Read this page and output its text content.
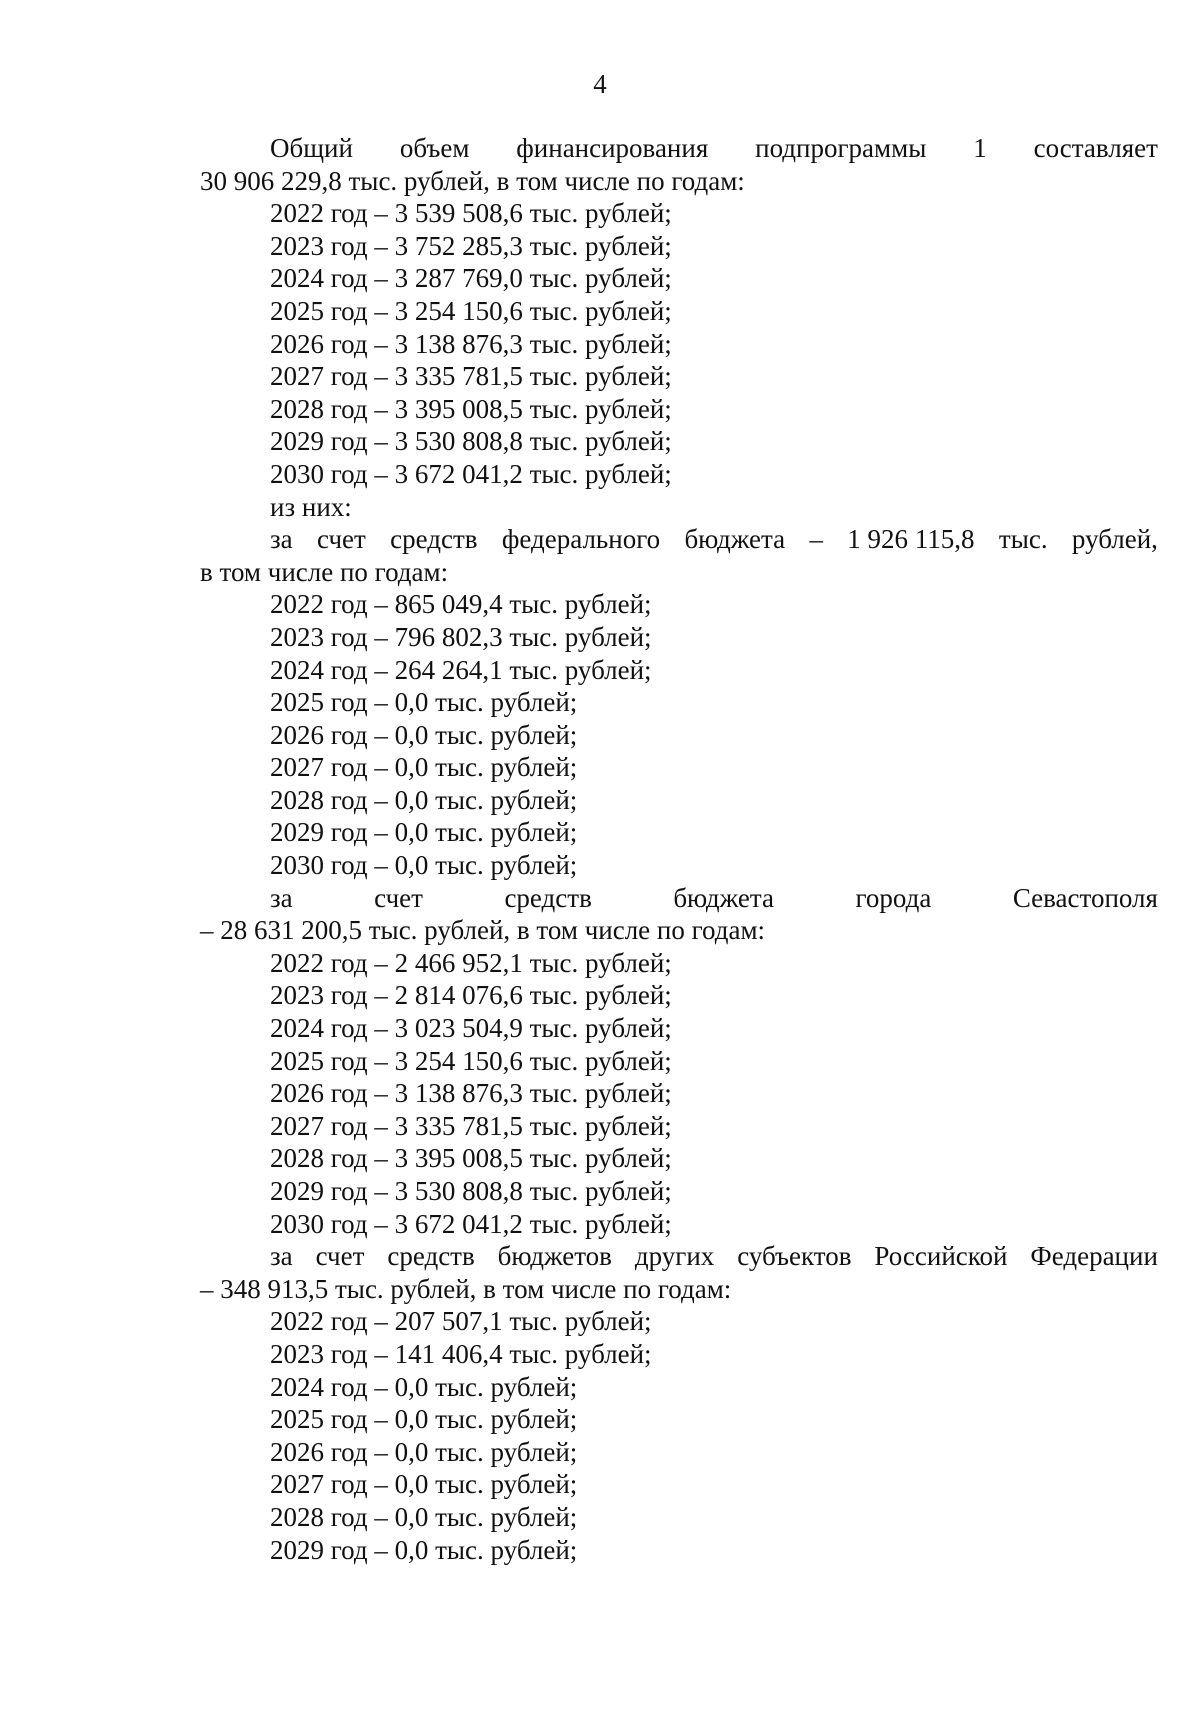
4
Общий объем финансирования подпрограммы 1 составляет
30 906 229,8 тыс. рублей, в том числе по годам:
2022 год – 3 539 508,6 тыс. рублей;
2023 год – 3 752 285,3 тыс. рублей;
2024 год – 3 287 769,0 тыс. рублей;
2025 год – 3 254 150,6 тыс. рублей;
2026 год – 3 138 876,3 тыс. рублей;
2027 год – 3 335 781,5 тыс. рублей;
2028 год – 3 395 008,5 тыс. рублей;
2029 год – 3 530 808,8 тыс. рублей;
2030 год – 3 672 041,2 тыс. рублей;
из них:
за счет средств федерального бюджета – 1 926 115,8 тыс. рублей,
в том числе по годам:
2022 год – 865 049,4 тыс. рублей;
2023 год – 796 802,3 тыс. рублей;
2024 год – 264 264,1 тыс. рублей;
2025 год – 0,0 тыс. рублей;
2026 год – 0,0 тыс. рублей;
2027 год – 0,0 тыс. рублей;
2028 год – 0,0 тыс. рублей;
2029 год – 0,0 тыс. рублей;
2030 год – 0,0 тыс. рублей;
за	счет	средств	бюджета	города	Севастополя
– 28 631 200,5 тыс. рублей, в том числе по годам:
2022 год – 2 466 952,1 тыс. рублей;
2023 год – 2 814 076,6 тыс. рублей;
2024 год – 3 023 504,9 тыс. рублей;
2025 год – 3 254 150,6 тыс. рублей;
2026 год – 3 138 876,3 тыс. рублей;
2027 год – 3 335 781,5 тыс. рублей;
2028 год – 3 395 008,5 тыс. рублей;
2029 год – 3 530 808,8 тыс. рублей;
2030 год – 3 672 041,2 тыс. рублей;
за счет средств бюджетов других субъектов Российской Федерации
– 348 913,5 тыс. рублей, в том числе по годам:
2022 год – 207 507,1 тыс. рублей;
2023 год – 141 406,4 тыс. рублей;
2024 год – 0,0 тыс. рублей;
2025 год – 0,0 тыс. рублей;
2026 год – 0,0 тыс. рублей;
2027 год – 0,0 тыс. рублей;
2028 год – 0,0 тыс. рублей;
2029 год – 0,0 тыс. рублей;
